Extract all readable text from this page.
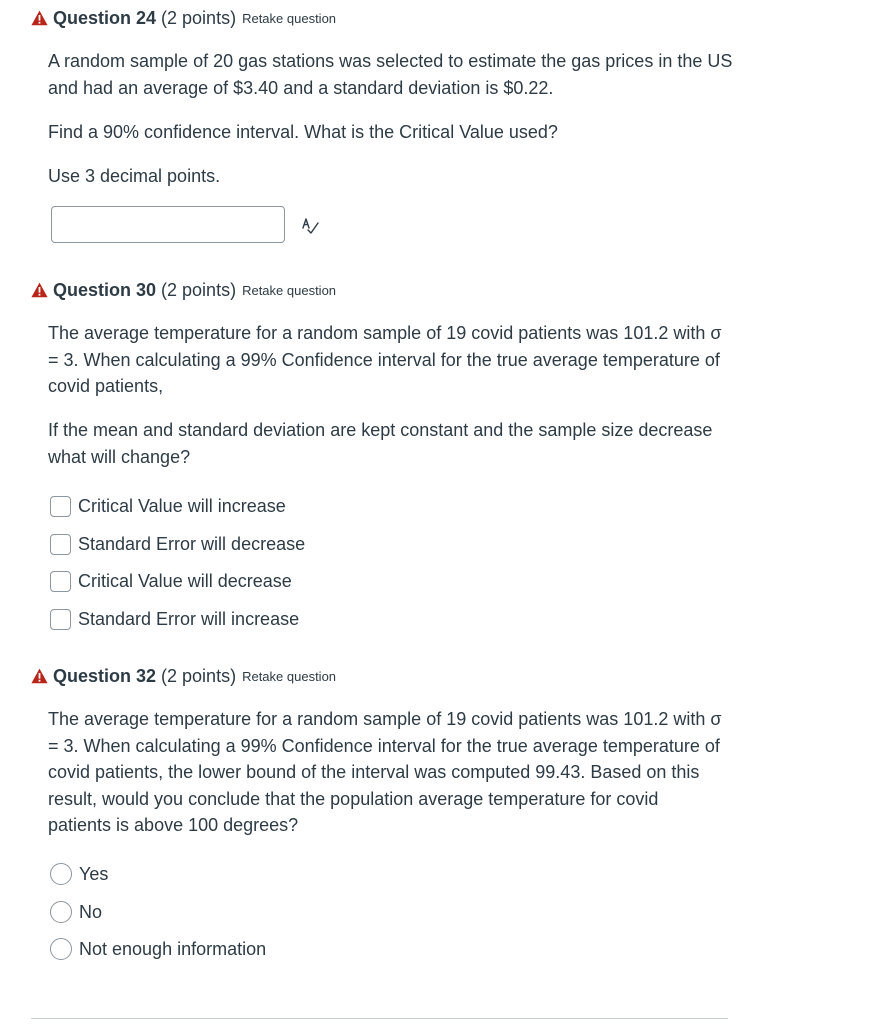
Question 24 (2 points) Retake question
A random sample of 20 gas stations was selected to estimate the gas prices in the US
and had an average of $3.40 and a standard deviation is $0.22.
Find a 90% confidence interval. What is the Critical Value used?
Use 3 decimal points.
Question 30 (2 points) Retake question
The average temperature for a random sample of 19 covid patients was 101.2 with σ
= 3. When calculating a 99% Confidence interval for the true average temperature of
covid patients,
If the mean and standard deviation are kept constant and the sample size decrease
what will change?
Critical Value will increase
Standard Error will decrease
Critical Value will decrease
Standard Error will increase
Question 32 (2 points) Retake question
The average temperature for a random sample of 19 covid patients was 101.2 with σ
= 3. When calculating a 99% Confidence interval for the true average temperature of
covid patients, the lower bound of the interval was computed 99.43. Based on this
result, would you conclude that the population average temperature for covid
patients is above 100 degrees?
Yes
No
Not enough information
